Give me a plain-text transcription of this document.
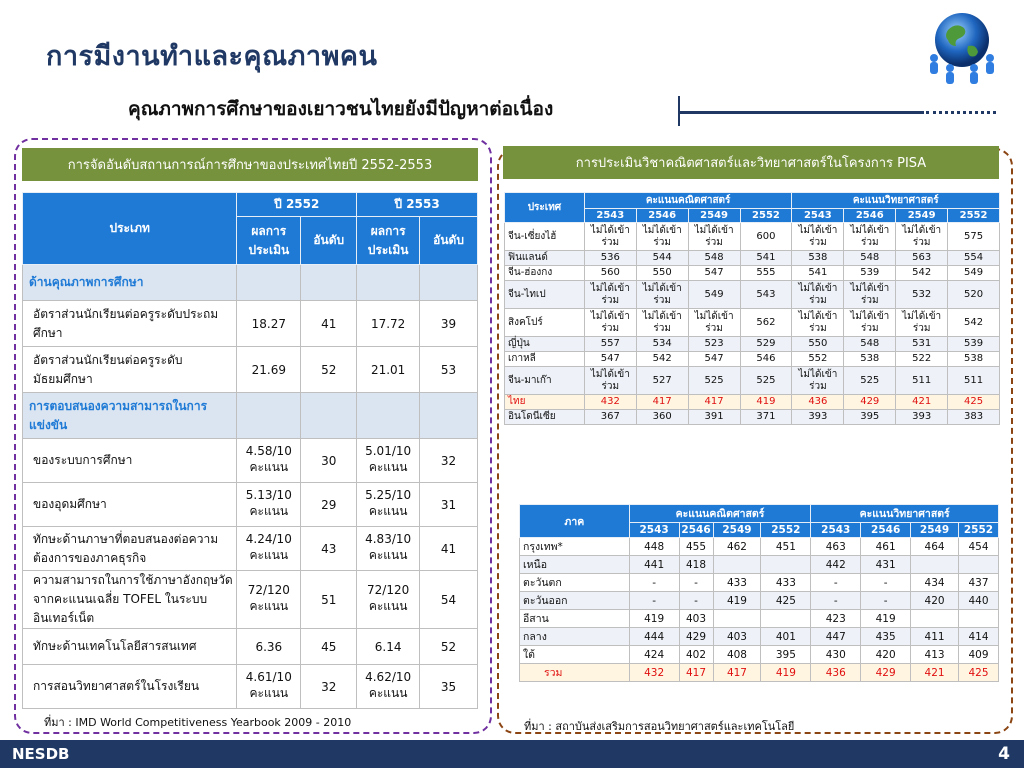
การมีงานทำและคุณภาพคน
คุณภาพการศึกษาของเยาวชนไทยยังมีปัญหาต่อเนื่อง
การจัดอันดับสถานการณ์การศึกษาของประเทศไทยปี 2552-2553	การประเมินวิชาคณิตศาสตร์และวิทยาศาสตร์ในโครงการ PISA
ประเภท	ปี 2552		ปี 2553	
	ผลการประเมิน	อันดับ	ผลการประเมิน	อันดับ
ด้านคุณภาพการศึกษา				
อัตราส่วนนักเรียนต่อครูระดับประถมศึกษา	18.27	41	17.72	39
อัตราส่วนนักเรียนต่อครูระดับมัธยมศึกษา	21.69	52	21.01	53
การตอบสนองความสามารถในการแข่งขัน				
ของระบบการศึกษา	4.58/10 คะแนน	30	5.01/10 คะแนน	32
ของอุดมศึกษา	5.13/10 คะแนน	29	5.25/10 คะแนน	31
ทักษะด้านภาษาที่ตอบสนองต่อความต้องการของภาคธุรกิจ	4.24/10 คะแนน	43	4.83/10 คะแนน	41
ความสามารถในการใช้ภาษาอังกฤษวัดจากคะแนนเฉลี่ย TOFEL ในระบบอินเทอร์เน็ต	72/120 คะแนน	51	72/120 คะแนน	54
ทักษะด้านเทคโนโลยีสารสนเทศ	6.36	45	6.14	52
การสอนวิทยาศาสตร์ในโรงเรียน	4.61/10 คะแนน	32	4.62/10 คะแนน	35
ที่มา : IMD World Competitiveness Yearbook 2009 - 2010
ประเทศ	คะแนนคณิตศาสตร์				คะแนนวิทยาศาสตร์			
	2543	2546	2549	2552	2543	2546	2549	2552
จีน-เซี่ยงไฮ้	ไม่ได้เข้าร่วม	ไม่ได้เข้าร่วม	ไม่ได้เข้าร่วม	600	ไม่ได้เข้าร่วม	ไม่ได้เข้าร่วม	ไม่ได้เข้าร่วม	575
ฟินแลนด์	536	544	548	541	538	548	563	554
จีน-ฮ่องกง	560	550	547	555	541	539	542	549
จีน-ไทเป	ไม่ได้เข้าร่วม	ไม่ได้เข้าร่วม	549	543	ไม่ได้เข้าร่วม	ไม่ได้เข้าร่วม	532	520
สิงคโปร์	ไม่ได้เข้าร่วม	ไม่ได้เข้าร่วม	ไม่ได้เข้าร่วม	562	ไม่ได้เข้าร่วม	ไม่ได้เข้าร่วม	ไม่ได้เข้าร่วม	542
ญี่ปุ่น	557	534	523	529	550	548	531	539
เกาหลี	547	542	547	546	552	538	522	538
จีน-มาเก๊า	ไม่ได้เข้าร่วม	527	525	525	ไม่ได้เข้าร่วม	525	511	511
ไทย	432	417	417	419	436	429	421	425
อินโดนีเซีย	367	360	391	371	393	395	393	383
ภาค	คะแนนคณิตศาสตร์				คะแนนวิทยาศาสตร์			
	2543	2546	2549	2552	2543	2546	2549	2552
กรุงเทพ*	448	455	462	451	463	461	464	454
เหนือ	441	418			442	431		
ตะวันตก	-	-	433	433	-	-	434	437
ตะวันออก	-	-	419	425	-	-	420	440
อีสาน	419	403			423	419		
กลาง	444	429	403	401	447	435	411	414
ใต้	424	402	408	395	430	420	413	409
รวม	432	417	417	419	436	429	421	425
ที่มา : สถาบันส่งเสริมการสอนวิทยาศาสตร์และเทคโนโลยี
NESDB	4
